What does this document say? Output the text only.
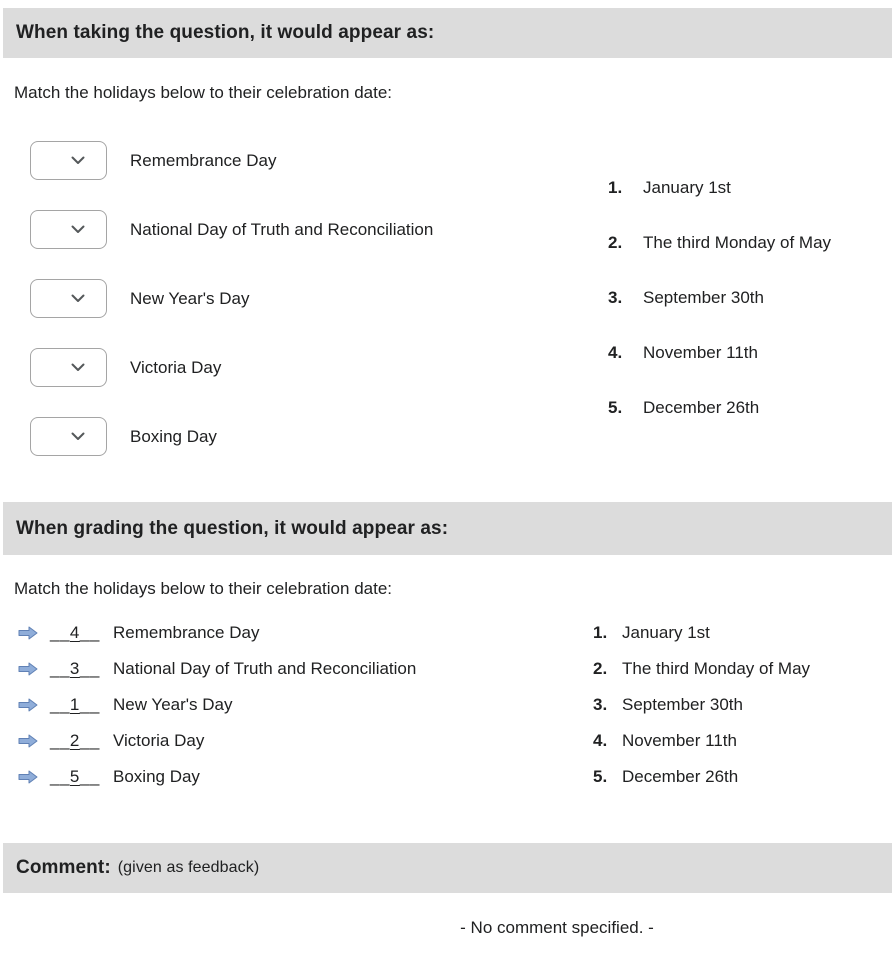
When taking the question, it would appear as:

Match the holidays below to their celebration date:

Remembrance Day
National Day of Truth and Reconciliation
New Year's Day
Victoria Day
Boxing Day
1.	January 1st
2.	The third Monday of May
3.	September 30th
4.	November 11th
5.	December 26th
When grading the question, it would appear as:

Match the holidays below to their celebration date:

__4__ Remembrance Day
__3__ National Day of Truth and Reconciliation
__1__ New Year's Day
__2__ Victoria Day
__5__ Boxing Day
1. January 1st
2. The third Monday of May
3. September 30th
4. November 11th
5. December 26th
Comment: (given as feedback)
- No comment specified. -
